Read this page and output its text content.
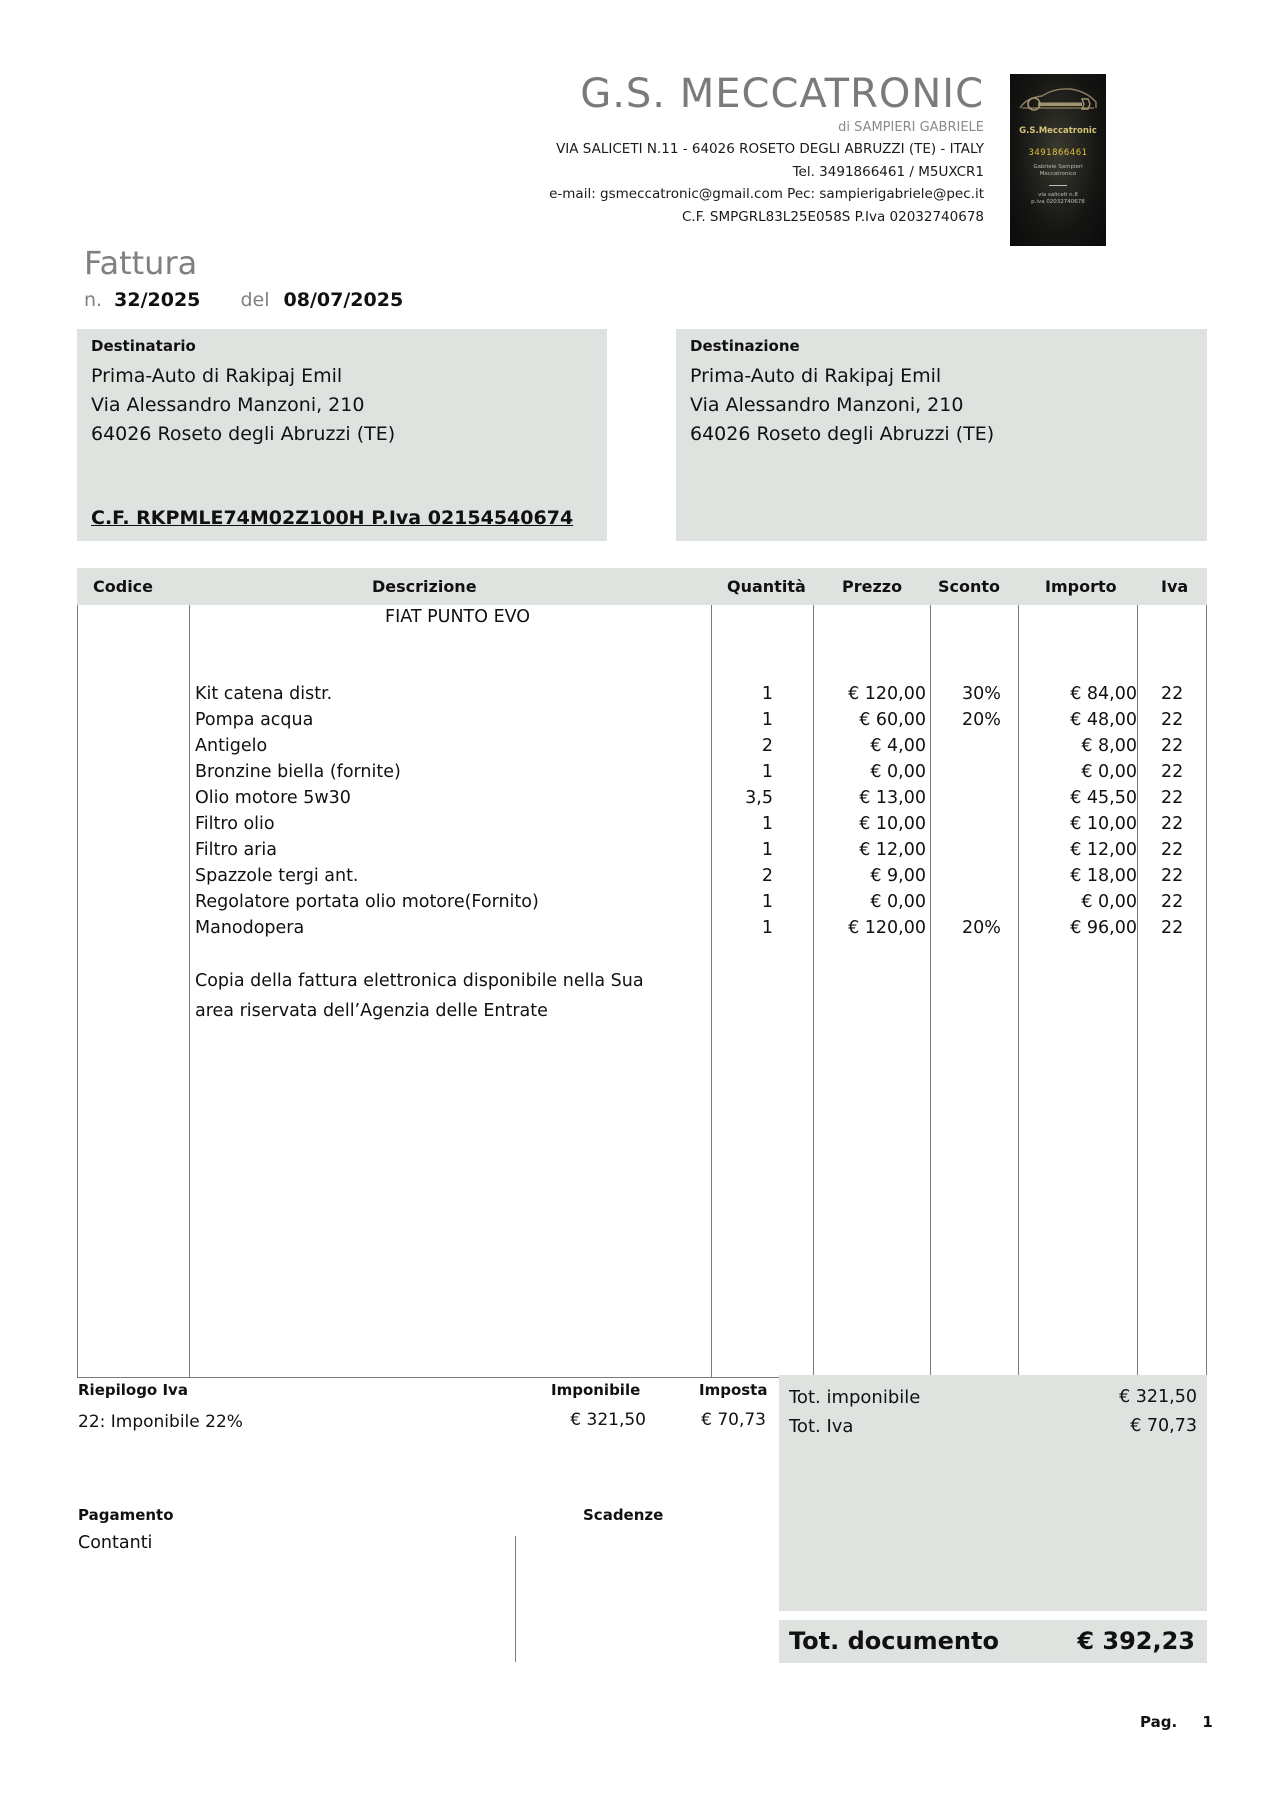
G.S. MECCATRONIC
di SAMPIERI GABRIELE
VIA SALICETI N.11 - 64026 ROSETO DEGLI ABRUZZI (TE) - ITALY
Tel. 3491866461 / M5UXCR1
e-mail: gsmeccatronic@gmail.com Pec: sampierigabriele@pec.it
C.F. SMPGRL83L25E058S P.Iva 02032740678
G.S.Meccatronic
3491866461
Gabriele Sampieri
Meccatronico
via saliceti n.8
p.iva 02032740678
Fattura
n. 32/2025 del 08/07/2025
Destinatario
Prima-Auto di Rakipaj Emil
Via Alessandro Manzoni, 210
64026 Roseto degli Abruzzi (TE)
C.F. RKPMLE74M02Z100H P.Iva 02154540674
Destinazione
Prima-Auto di Rakipaj Emil
Via Alessandro Manzoni, 210
64026 Roseto degli Abruzzi (TE)
Codice	Descrizione	Quantità Prezzo Sconto	Importo	Iva
FIAT PUNTO EVO
Kit catena distr.	1	€ 120,00 30%	€ 84,00 22
Pompa acqua	1	€ 60,00 20%	€ 48,00 22
Antigelo	2	€ 4,00	€ 8,00 22
Bronzine biella (fornite)	1	€ 0,00	€ 0,00 22
Olio motore 5w30	3,5	€ 13,00	€ 45,50 22
Filtro olio	1	€ 10,00	€ 10,00 22
Filtro aria	1	€ 12,00	€ 12,00 22
Spazzole tergi ant.	2	€ 9,00	€ 18,00 22
Regolatore portata olio motore(Fornito)	1	€ 0,00	€ 0,00 22
Manodopera	1	€ 120,00 20%	€ 96,00 22
Copia della fattura elettronica disponibile nella Sua
area riservata dell’Agenzia delle Entrate
Riepilogo Iva	Imponibile	Imposta
22: Imponibile 22%	€ 321,50	€ 70,73
Tot. imponibile	€ 321,50
Tot. Iva	€ 70,73
Tot. documento	€ 392,23
Pagamento
Contanti
Scadenze
Pag. 1
